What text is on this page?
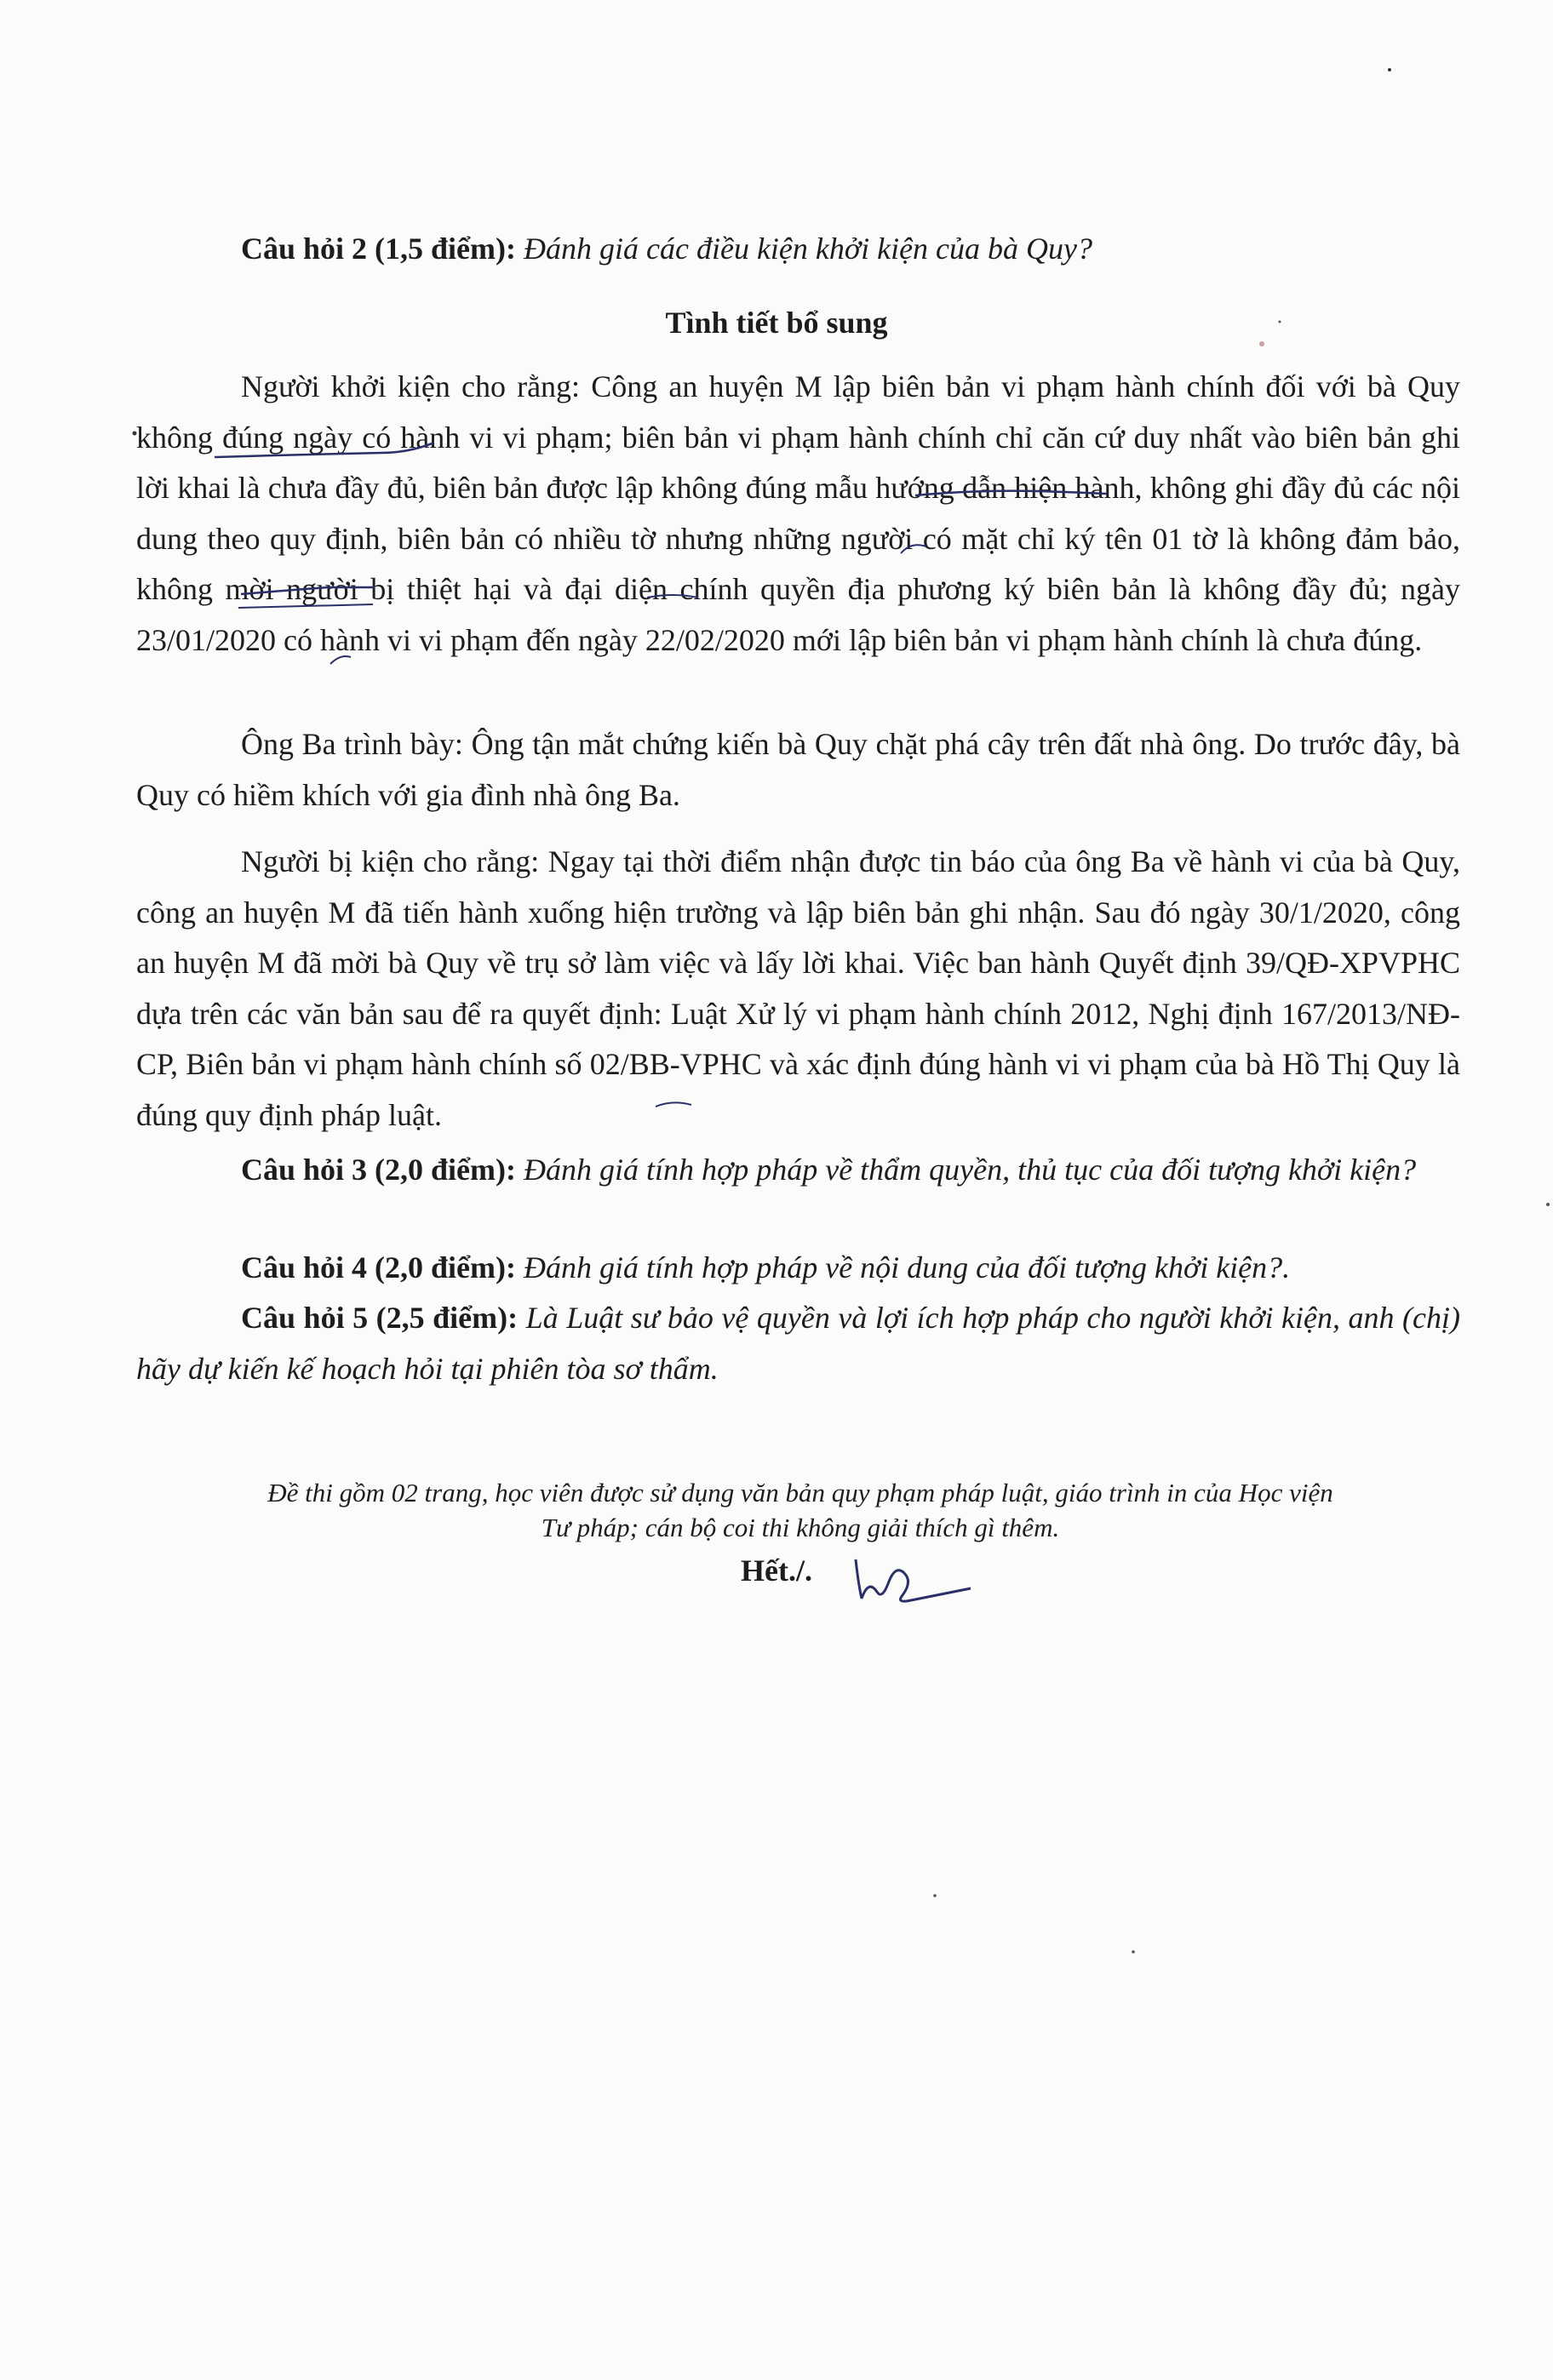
Câu hỏi 2 (1,5 điểm): Đánh giá các điều kiện khởi kiện của bà Quy?
Tình tiết bổ sung
Người khởi kiện cho rằng: Công an huyện M lập biên bản vi phạm hành chính đối với bà Quy không đúng ngày có hành vi vi phạm; biên bản vi phạm hành chính chỉ căn cứ duy nhất vào biên bản ghi lời khai là chưa đầy đủ, biên bản được lập không đúng mẫu hướng dẫn hiện hành, không ghi đầy đủ các nội dung theo quy định, biên bản có nhiều tờ nhưng những người có mặt chỉ ký tên 01 tờ là không đảm bảo, không mời người bị thiệt hại và đại diện chính quyền địa phương ký biên bản là không đầy đủ; ngày 23/01/2020 có hành vi vi phạm đến ngày 22/02/2020 mới lập biên bản vi phạm hành chính là chưa đúng.
Ông Ba trình bày: Ông tận mắt chứng kiến bà Quy chặt phá cây trên đất nhà ông. Do trước đây, bà Quy có hiềm khích với gia đình nhà ông Ba.
Người bị kiện cho rằng: Ngay tại thời điểm nhận được tin báo của ông Ba về hành vi của bà Quy, công an huyện M đã tiến hành xuống hiện trường và lập biên bản ghi nhận. Sau đó ngày 30/1/2020, công an huyện M đã mời bà Quy về trụ sở làm việc và lấy lời khai. Việc ban hành Quyết định 39/QĐ-XPVPHC dựa trên các văn bản sau để ra quyết định: Luật Xử lý vi phạm hành chính 2012, Nghị định 167/2013/NĐ-CP, Biên bản vi phạm hành chính số 02/BB-VPHC và xác định đúng hành vi vi phạm của bà Hồ Thị Quy là đúng quy định pháp luật.
Câu hỏi 3 (2,0 điểm): Đánh giá tính hợp pháp về thẩm quyền, thủ tục của đối tượng khởi kiện?
Câu hỏi 4 (2,0 điểm): Đánh giá tính hợp pháp về nội dung của đối tượng khởi kiện?.
Câu hỏi 5 (2,5 điểm): Là Luật sư bảo vệ quyền và lợi ích hợp pháp cho người khởi kiện, anh (chị) hãy dự kiến kế hoạch hỏi tại phiên tòa sơ thẩm.
Đề thi gồm 02 trang, học viên được sử dụng văn bản quy phạm pháp luật, giáo trình in của Học viện
Tư pháp; cán bộ coi thi không giải thích gì thêm.
Hết./.
